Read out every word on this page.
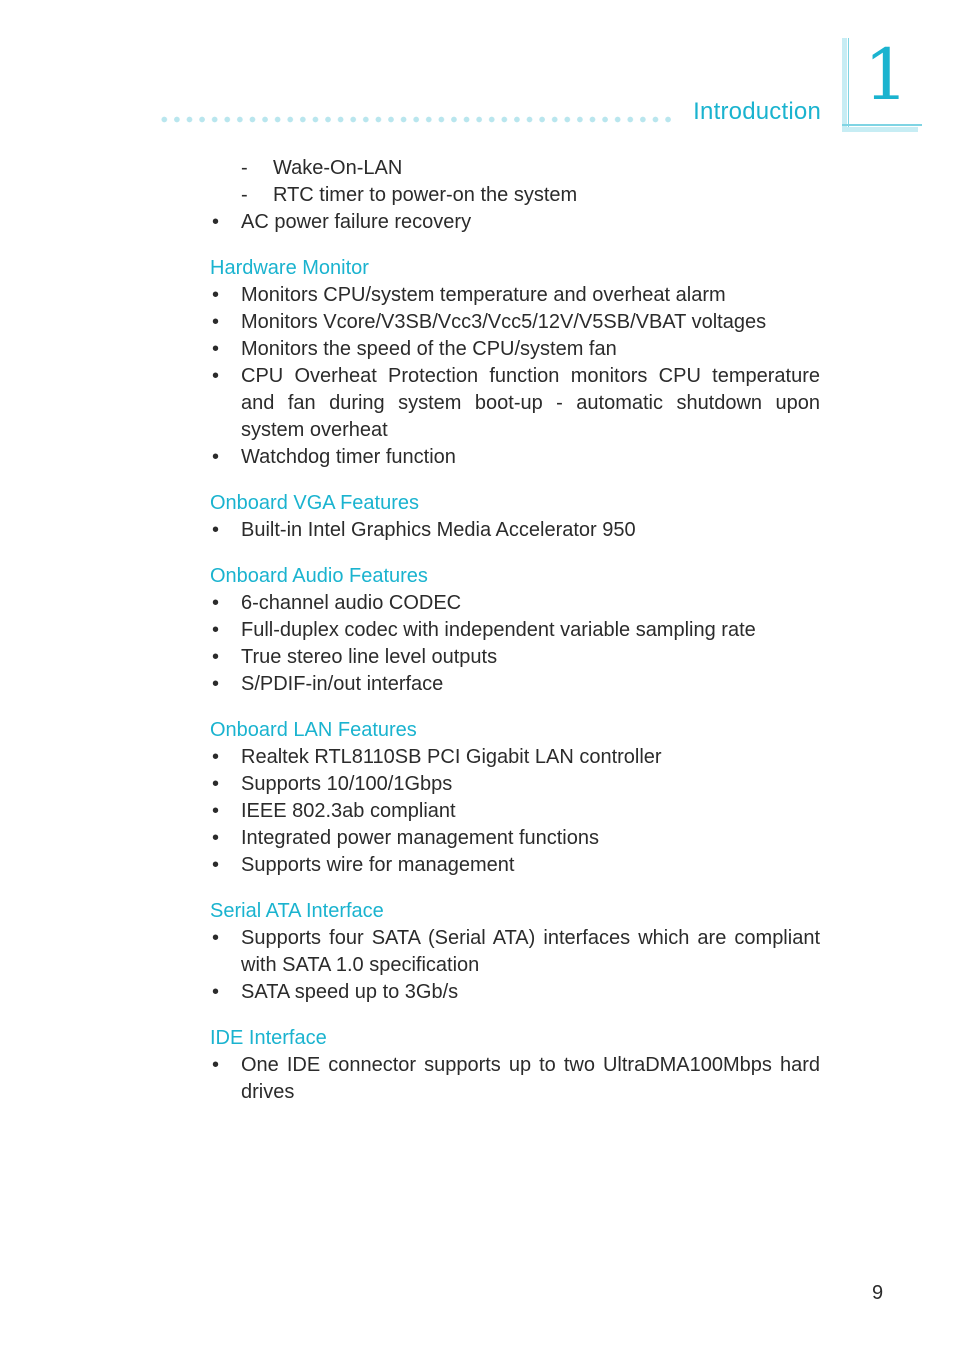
Introduction 1
- Wake-On-LAN
- RTC timer to power-on the system
• AC power failure recovery
Hardware Monitor
• Monitors CPU/system temperature and overheat alarm
• Monitors Vcore/V3SB/Vcc3/Vcc5/12V/V5SB/VBAT voltages
• Monitors the speed of the CPU/system fan
• CPU Overheat Protection function monitors CPU temperature and fan during system boot-up - automatic shutdown upon system overheat
• Watchdog timer function
Onboard VGA Features
• Built-in Intel Graphics Media Accelerator 950
Onboard Audio Features
• 6-channel audio CODEC
• Full-duplex codec with independent variable sampling rate
• True stereo line level outputs
• S/PDIF-in/out interface
Onboard LAN Features
• Realtek RTL8110SB PCI Gigabit LAN controller
• Supports 10/100/1Gbps
• IEEE 802.3ab compliant
• Integrated power management functions
• Supports wire for management
Serial ATA Interface
• Supports four SATA (Serial ATA) interfaces which are compliant with SATA 1.0 specification
• SATA speed up to 3Gb/s
IDE Interface
• One IDE connector supports up to two UltraDMA100Mbps hard drives
9
